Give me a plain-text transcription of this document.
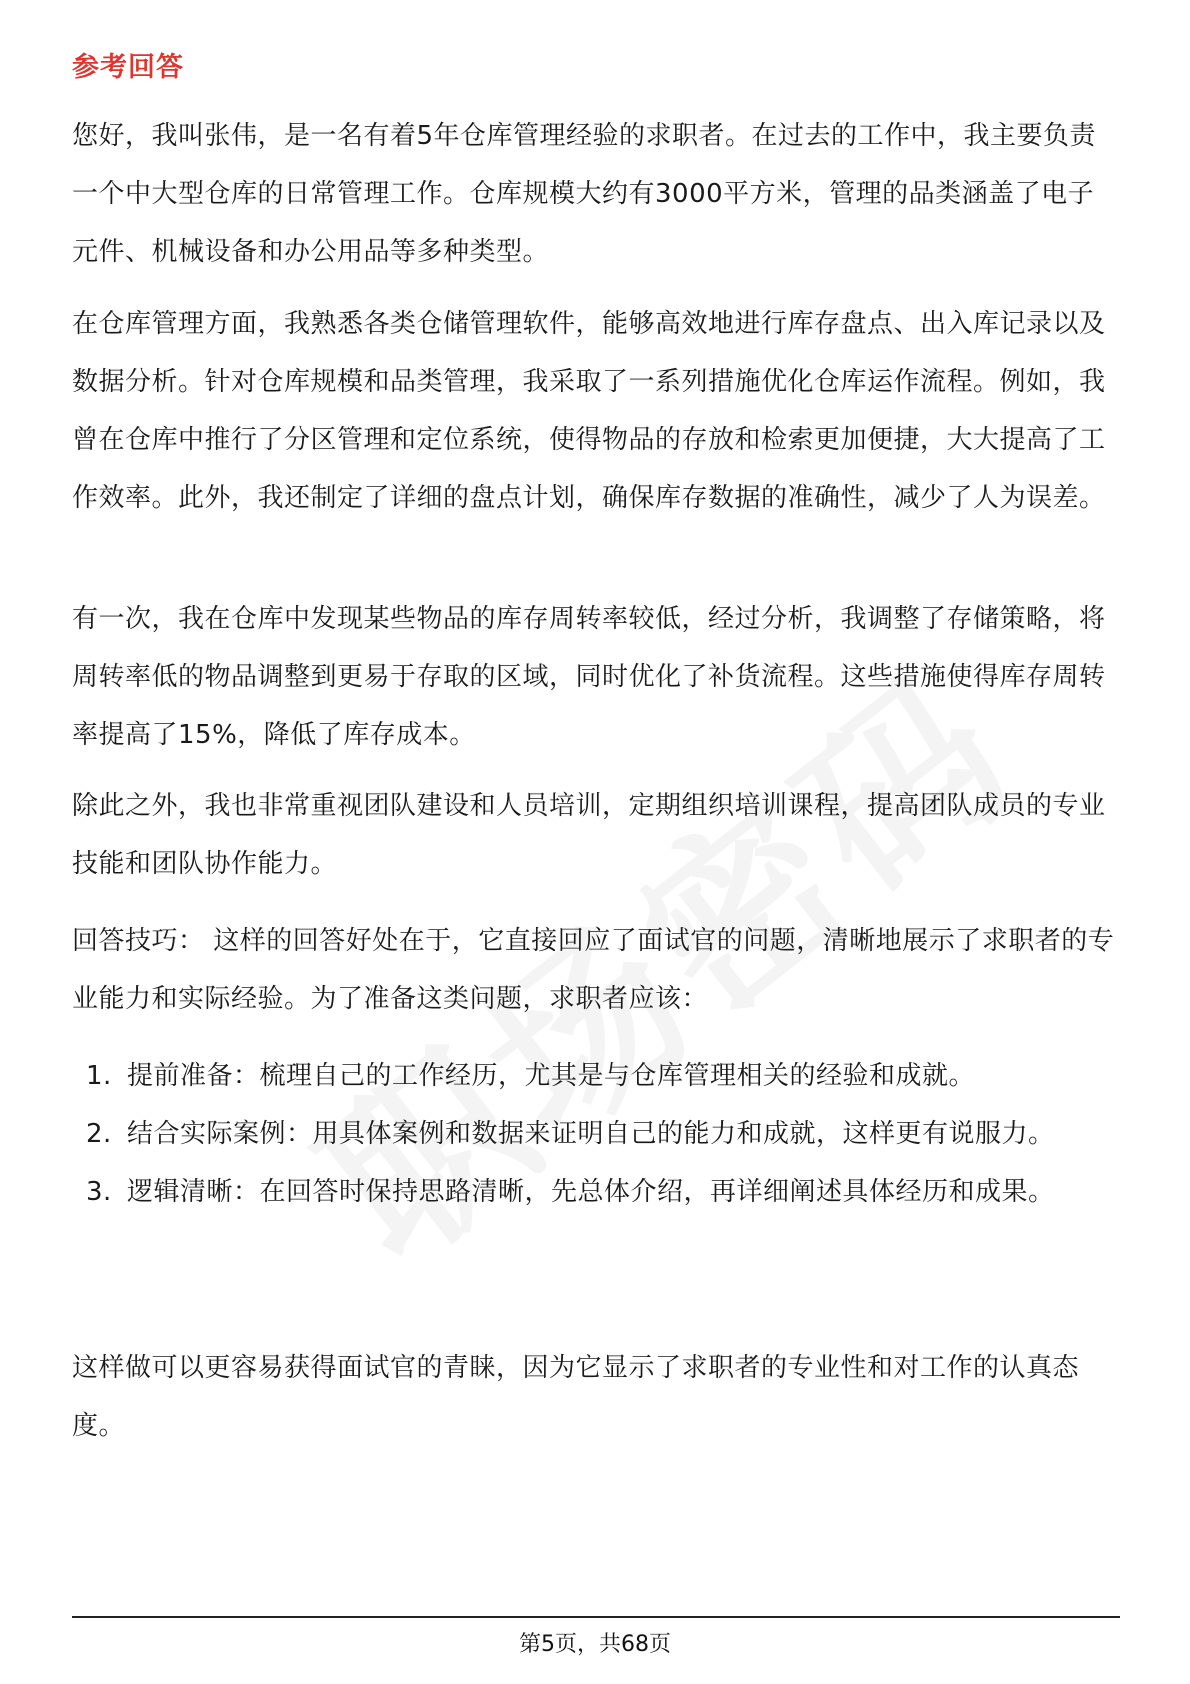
参考回答

您好，我叫张伟，是一名有着5年仓库管理经验的求职者。在过去的工作中，我主要负责一个中大型仓库的日常管理工作。仓库规模大约有3000平方米，管理的品类涵盖了电子元件、机械设备和办公用品等多种类型。

在仓库管理方面，我熟悉各类仓储管理软件，能够高效地进行库存盘点、出入库记录以及数据分析。针对仓库规模和品类管理，我采取了一系列措施优化仓库运作流程。例如，我曾在仓库中推行了分区管理和定位系统，使得物品的存放和检索更加便捷，大大提高了工作效率。此外，我还制定了详细的盘点计划，确保库存数据的准确性，减少了人为误差。

有一次，我在仓库中发现某些物品的库存周转率较低，经过分析，我调整了存储策略，将周转率低的物品调整到更易于存取的区域，同时优化了补货流程。这些措施使得库存周转率提高了15%，降低了库存成本。

除此之外，我也非常重视团队建设和人员培训，定期组织培训课程，提高团队成员的专业技能和团队协作能力。

回答技巧： 这样的回答好处在于，它直接回应了面试官的问题，清晰地展示了求职者的专业能力和实际经验。为了准备这类问题，求职者应该：

1. 提前准备：梳理自己的工作经历，尤其是与仓库管理相关的经验和成就。
2. 结合实际案例：用具体案例和数据来证明自己的能力和成就，这样更有说服力。
3. 逻辑清晰：在回答时保持思路清晰，先总体介绍，再详细阐述具体经历和成果。

这样做可以更容易获得面试官的青睐，因为它显示了求职者的专业性和对工作的认真态度。

第5页，共68页
